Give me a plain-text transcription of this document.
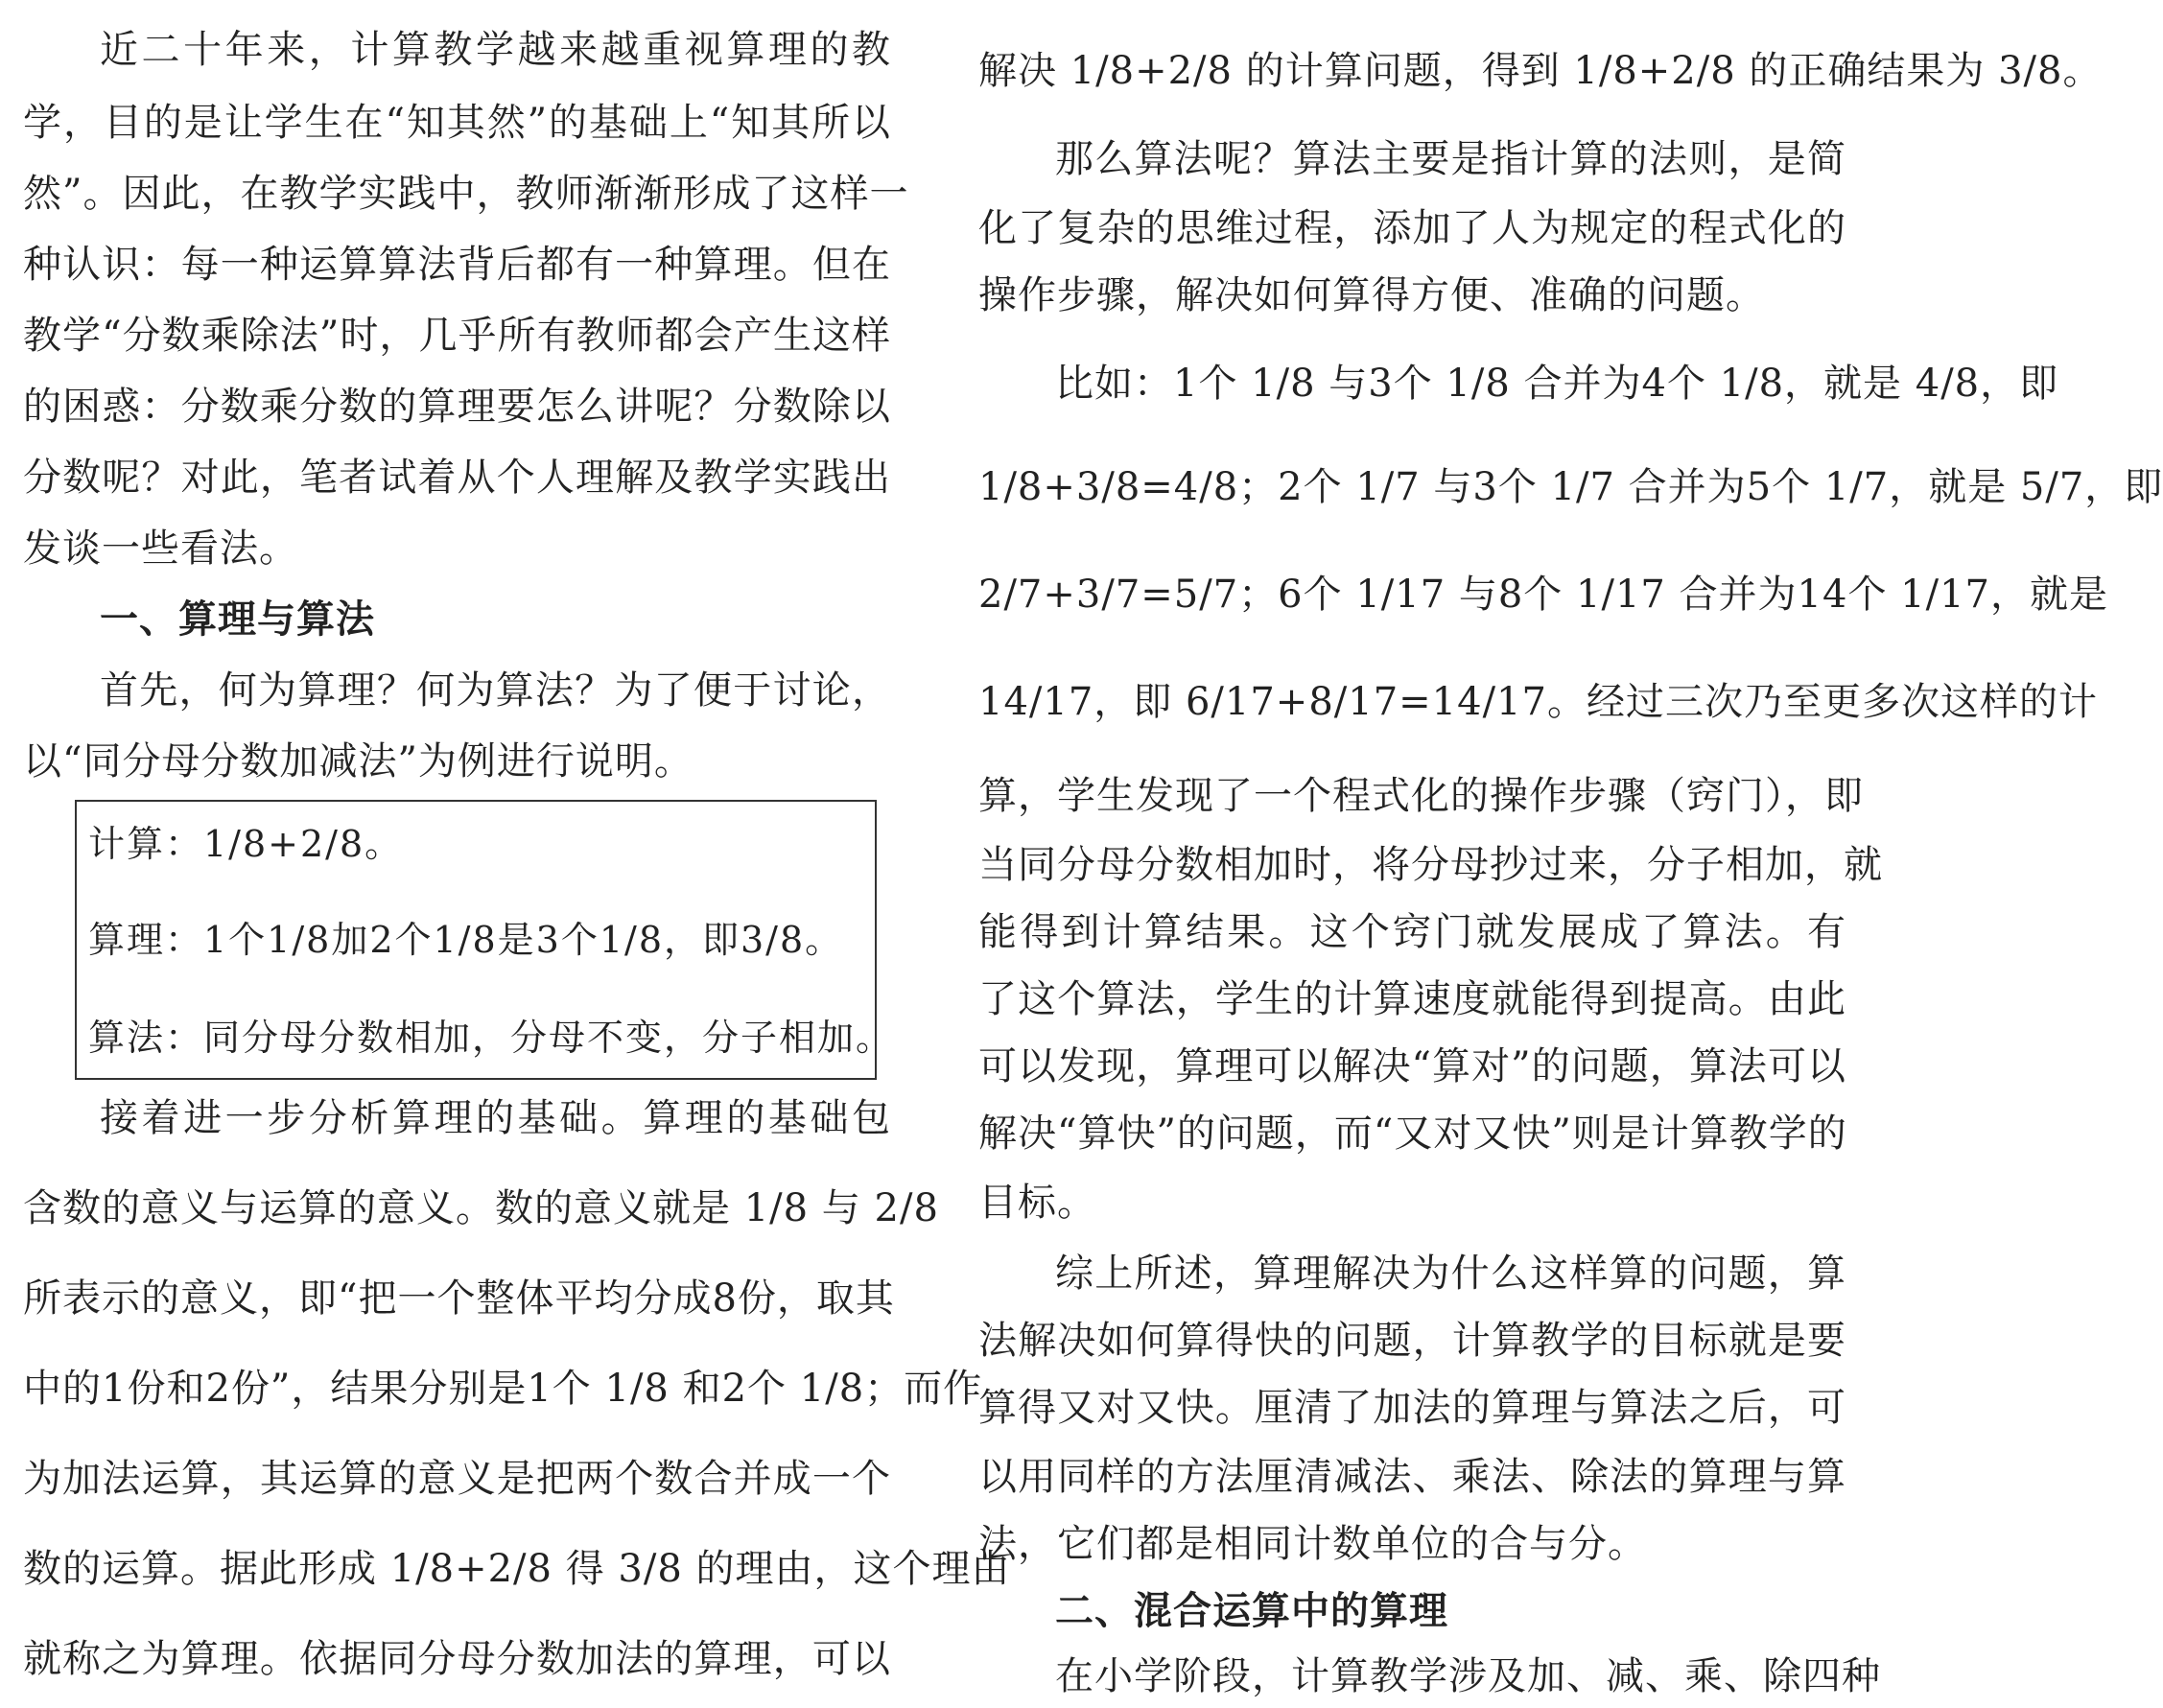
近二十年来，计算教学越来越重视算理的教
学，目的是让学生在“知其然”的基础上“知其所以
然”。因此，在教学实践中，教师渐渐形成了这样一
种认识：每一种运算算法背后都有一种算理。但在
教学“分数乘除法”时，几乎所有教师都会产生这样
的困惑：分数乘分数的算理要怎么讲呢？分数除以
分数呢？对此，笔者试着从个人理解及教学实践出
发谈一些看法。
一、算理与算法
首先，何为算理？何为算法？为了便于讨论，
以“同分母分数加减法”为例进行说明。
接着进一步分析算理的基础。算理的基础包
含数的意义与运算的意义。数的意义就是 1/8 与 2/8
所表示的意义，即“把一个整体平均分成8份，取其
中的1份和2份”，结果分别是1个 1/8 和2个 1/8；而作
为加法运算，其运算的意义是把两个数合并成一个
数的运算。据此形成 1/8+2/8 得 3/8 的理由，这个理由
就称之为算理。依据同分母分数加法的算理，可以
计算：1/8+2/8。
算理：1个1/8加2个1/8是3个1/8，即3/8。
算法：同分母分数相加，分母不变，分子相加。
解决 1/8+2/8 的计算问题，得到 1/8+2/8 的正确结果为 3/8。
那么算法呢？算法主要是指计算的法则，是简
化了复杂的思维过程，添加了人为规定的程式化的
操作步骤，解决如何算得方便、准确的问题。
比如：1个 1/8 与3个 1/8 合并为4个 1/8，就是 4/8，即
1/8+3/8=4/8；2个 1/7 与3个 1/7 合并为5个 1/7，就是 5/7，即
2/7+3/7=5/7；6个 1/17 与8个 1/17 合并为14个 1/17，就是
14/17，即 6/17+8/17=14/17。经过三次乃至更多次这样的计
算，学生发现了一个程式化的操作步骤（窍门），即
当同分母分数相加时，将分母抄过来，分子相加，就
能得到计算结果。这个窍门就发展成了算法。有
了这个算法，学生的计算速度就能得到提高。由此
可以发现，算理可以解决“算对”的问题，算法可以
解决“算快”的问题，而“又对又快”则是计算教学的
目标。
综上所述，算理解决为什么这样算的问题，算
法解决如何算得快的问题，计算教学的目标就是要
算得又对又快。厘清了加法的算理与算法之后，可
以用同样的方法厘清减法、乘法、除法的算理与算
法，它们都是相同计数单位的合与分。
二、混合运算中的算理
在小学阶段，计算教学涉及加、减、乘、除四种
